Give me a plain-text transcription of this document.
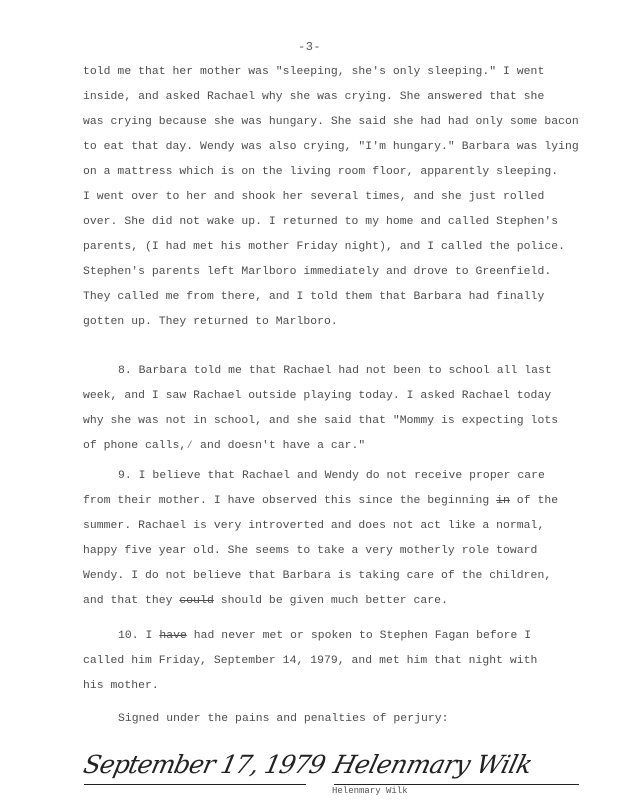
-3-
told me that her mother was "sleeping, she's only sleeping." I went
inside, and asked Rachael why she was crying. She answered that she
was crying because she was hungary. She said she had had only some bacon
to eat that day. Wendy was also crying, "I'm hungary." Barbara was lying
on a mattress which is on the living room floor, apparently sleeping.
I went over to her and shook her several times, and she just rolled
over. She did not wake up. I returned to my home and called Stephen's
parents, (I had met his mother Friday night), and I called the police.
Stephen's parents left Marlboro immediately and drove to Greenfield.
They called me from there, and I told them that Barbara had finally
gotten up. They returned to Marlboro.
8. Barbara told me that Rachael had not been to school all last
week, and I saw Rachael outside playing today. I asked Rachael today
why she was not in school, and she said that "Mommy is expecting lots
of phone calls,∕ and doesn't have a car."
9. I believe that Rachael and Wendy do not receive proper care
from their mother. I have observed this since the beginning in of the
summer. Rachael is very introverted and does not act like a normal,
happy five year old. She seems to take a very motherly role toward
Wendy. I do not believe that Barbara is taking care of the children,
and that they could should be given much better care.
10. I have had never met or spoken to Stephen Fagan before I
called him Friday, September 14, 1979, and met him that night with
his mother.
Signed under the pains and penalties of perjury:
September 17, 1979 Helenmary Wilk
Helenmary Wilk
